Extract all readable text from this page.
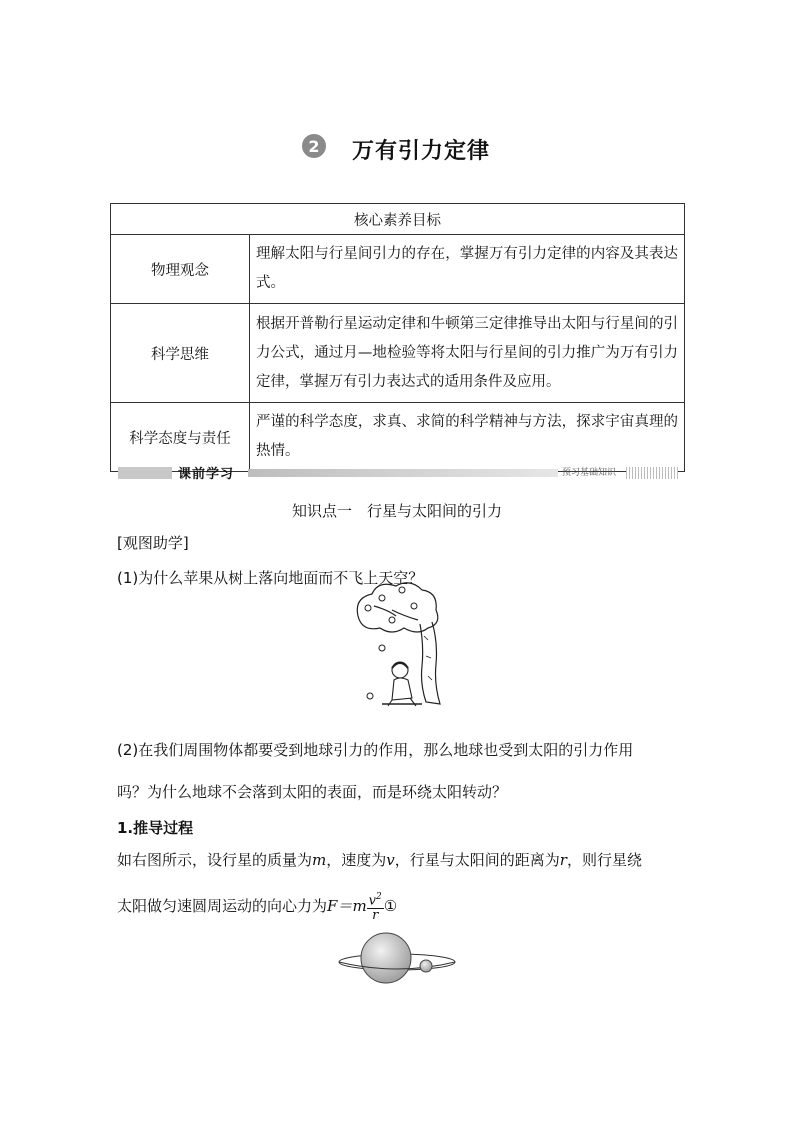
2 万有引力定律
核心素养目标	
物理观念	理解太阳与行星间引力的存在，掌握万有引力定律的内容及其表达式。
科学思维	根据开普勒行星运动定律和牛顿第三定律推导出太阳与行星间的引力公式，通过月—地检验等将太阳与行星间的引力推广为万有引力定律，掌握万有引力表达式的适用条件及应用。
科学态度与责任	严谨的科学态度，求真、求简的科学精神与方法，探求宇宙真理的热情。
课前学习	预习基础知识
知识点一　行星与太阳间的引力
[观图助学]
(1)为什么苹果从树上落向地面而不飞上天空？
(2)在我们周围物体都要受到地球引力的作用，那么地球也受到太阳的引力作用
吗？为什么地球不会落到太阳的表面，而是环绕太阳转动？
1.推导过程
如右图所示，设行星的质量为m，速度为v，行星与太阳间的距离为r，则行星绕
太阳做匀速圆周运动的向心力为$F=m \frac{v^2}{r}$ ①
